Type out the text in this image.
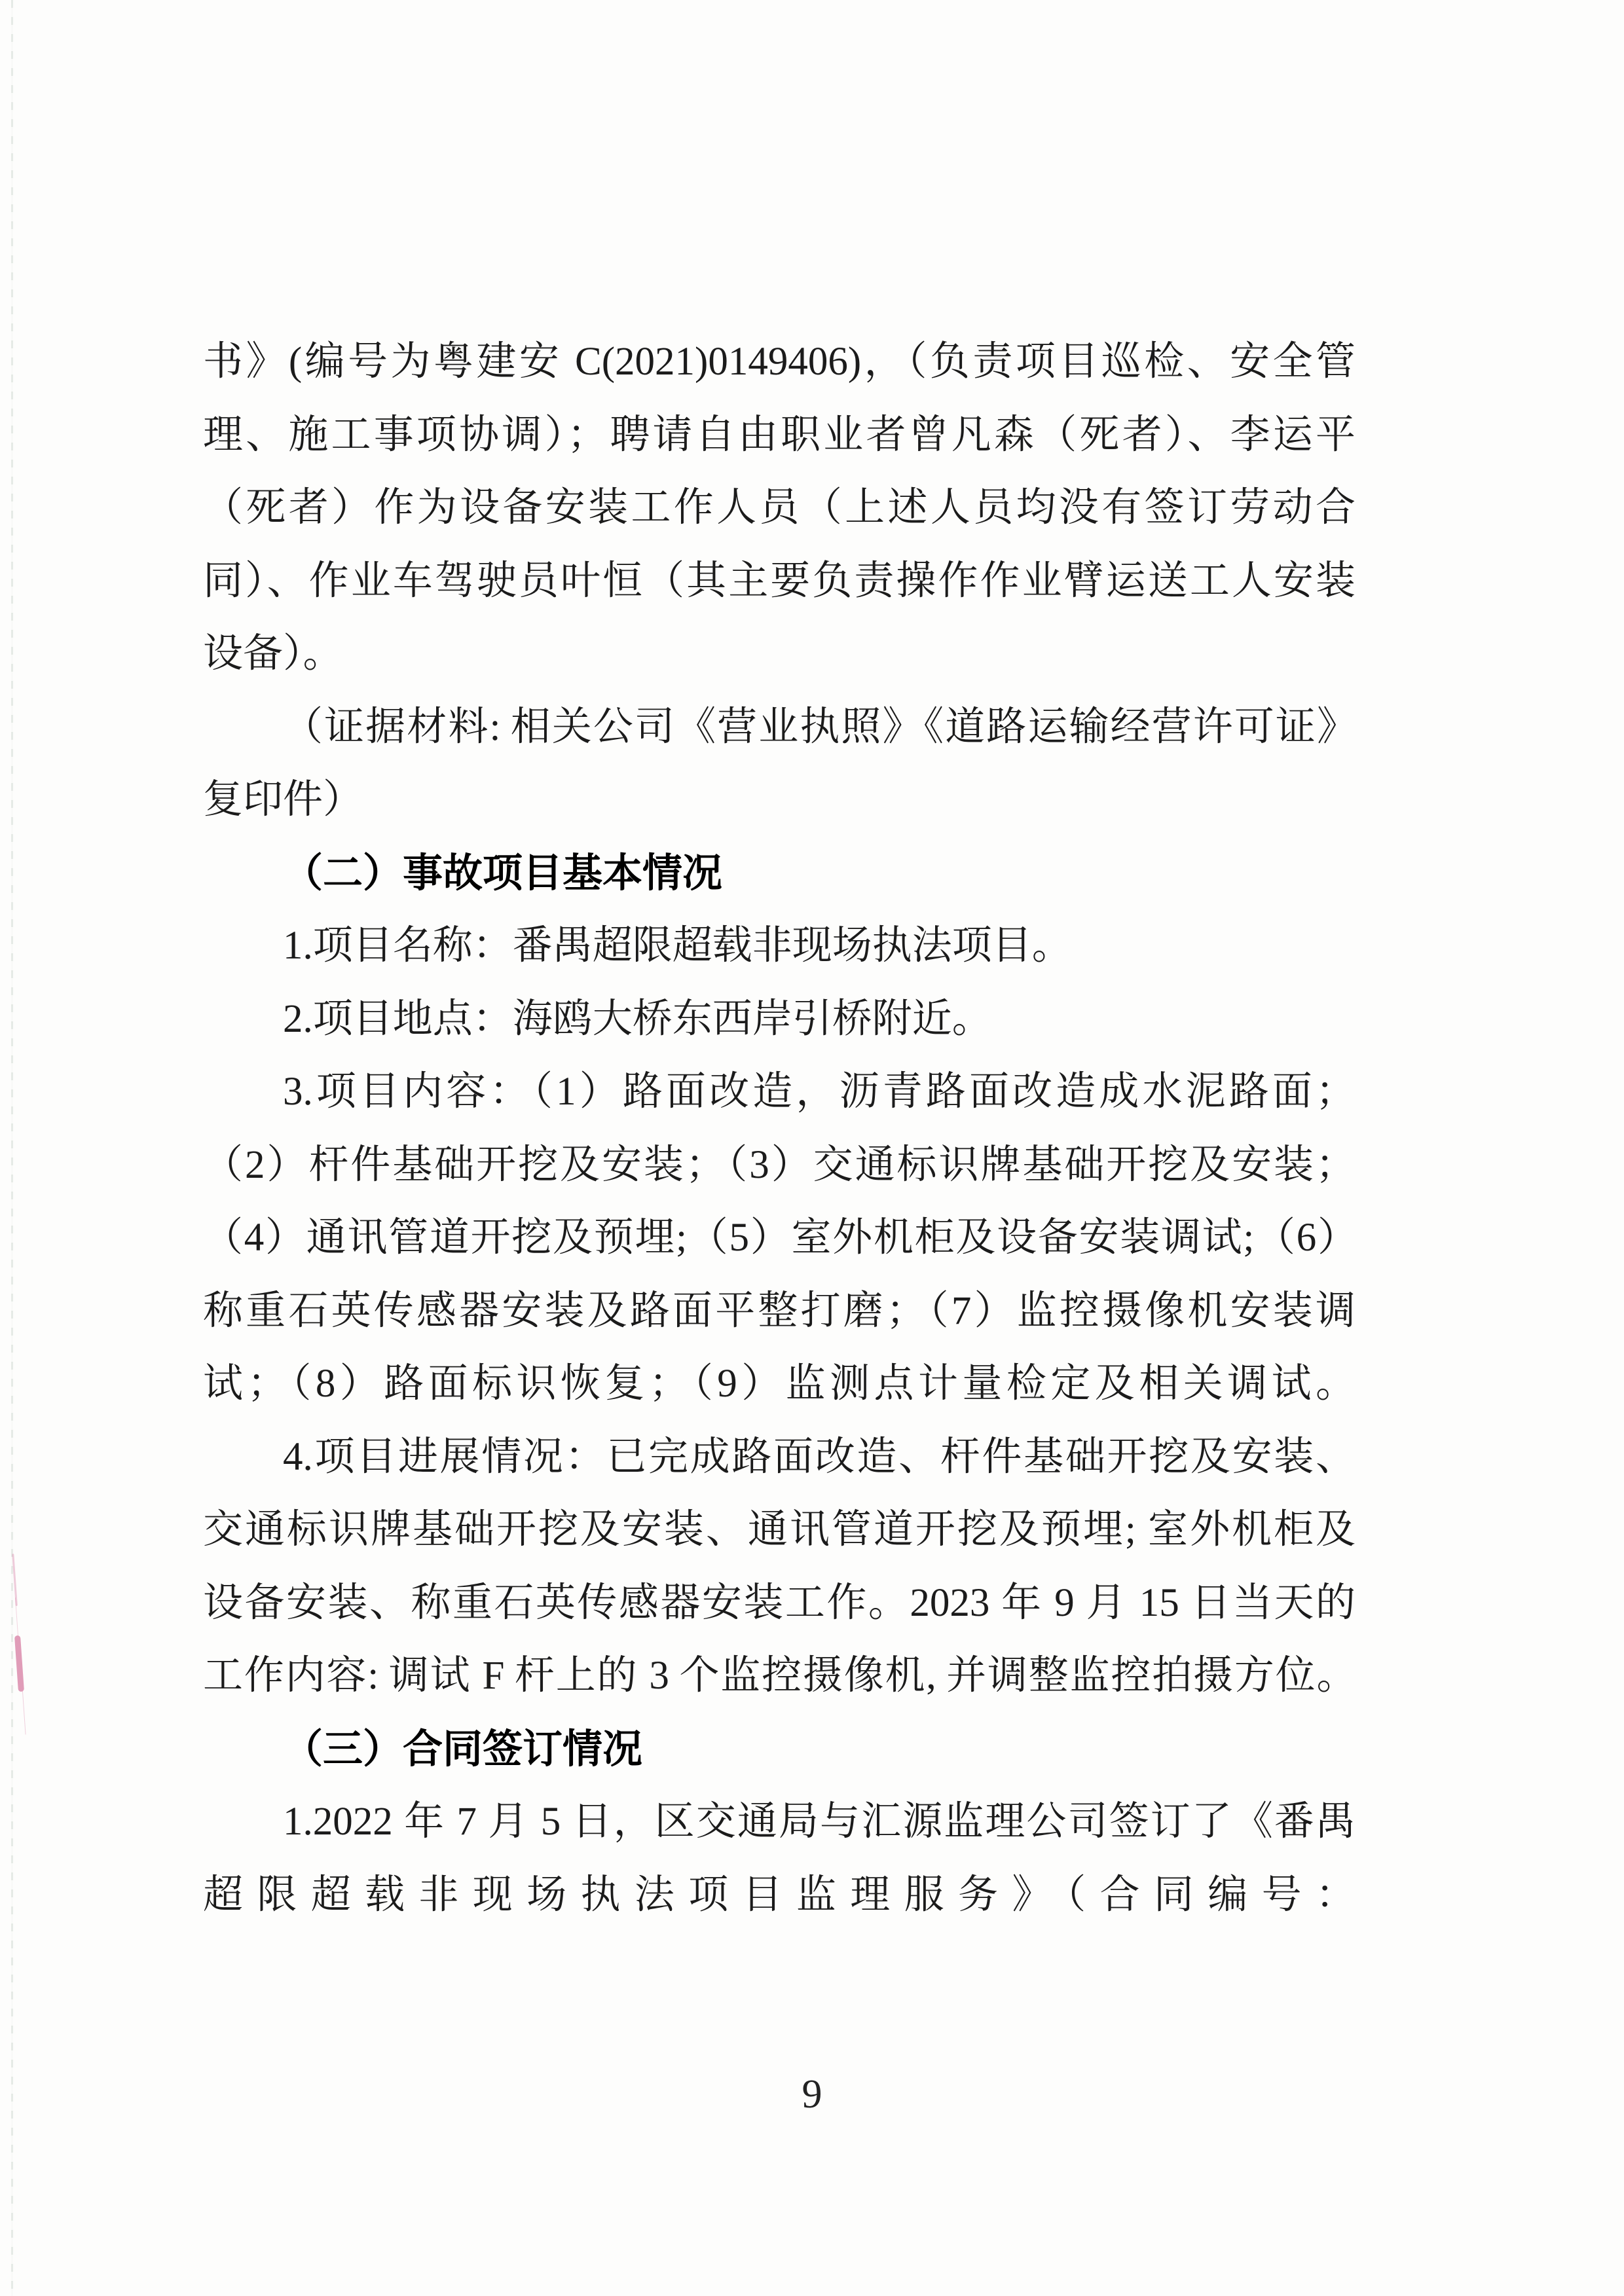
书》(编号为粤建安 C(2021)0149406)，（负责项目巡检、安全管

理、施工事项协调）；聘请自由职业者曾凡森（死者）、李运平

（死者）作为设备安装工作人员（上述人员均没有签订劳动合

同）、作业车驾驶员叶恒（其主要负责操作作业臂运送工人安装

设备）。

（证据材料: 相关公司《营业执照》《道路运输经营许可证》

复印件）

（二）事故项目基本情况

1.项目名称：番禺超限超载非现场执法项目。

2.项目地点：海鸥大桥东西岸引桥附近。

3.项目内容：（1）路面改造，沥青路面改造成水泥路面；

（2）杆件基础开挖及安装；（3）交通标识牌基础开挖及安装；

（4）通讯管道开挖及预埋;（5）室外机柜及设备安装调试;（6）

称重石英传感器安装及路面平整打磨；（7）监控摄像机安装调

试；（8）路面标识恢复；（9）监测点计量检定及相关调试。

4.项目进展情况：已完成路面改造、杆件基础开挖及安装、

交通标识牌基础开挖及安装、通讯管道开挖及预埋; 室外机柜及

设备安装、称重石英传感器安装工作。2023 年 9 月 15 日当天的

工作内容: 调试 F 杆上的 3 个监控摄像机, 并调整监控拍摄方位。

（三）合同签订情况

1.2022 年 7 月 5 日，区交通局与汇源监理公司签订了《番禺

超限超载非现场执法项目监理服务》（合同编号：

9
